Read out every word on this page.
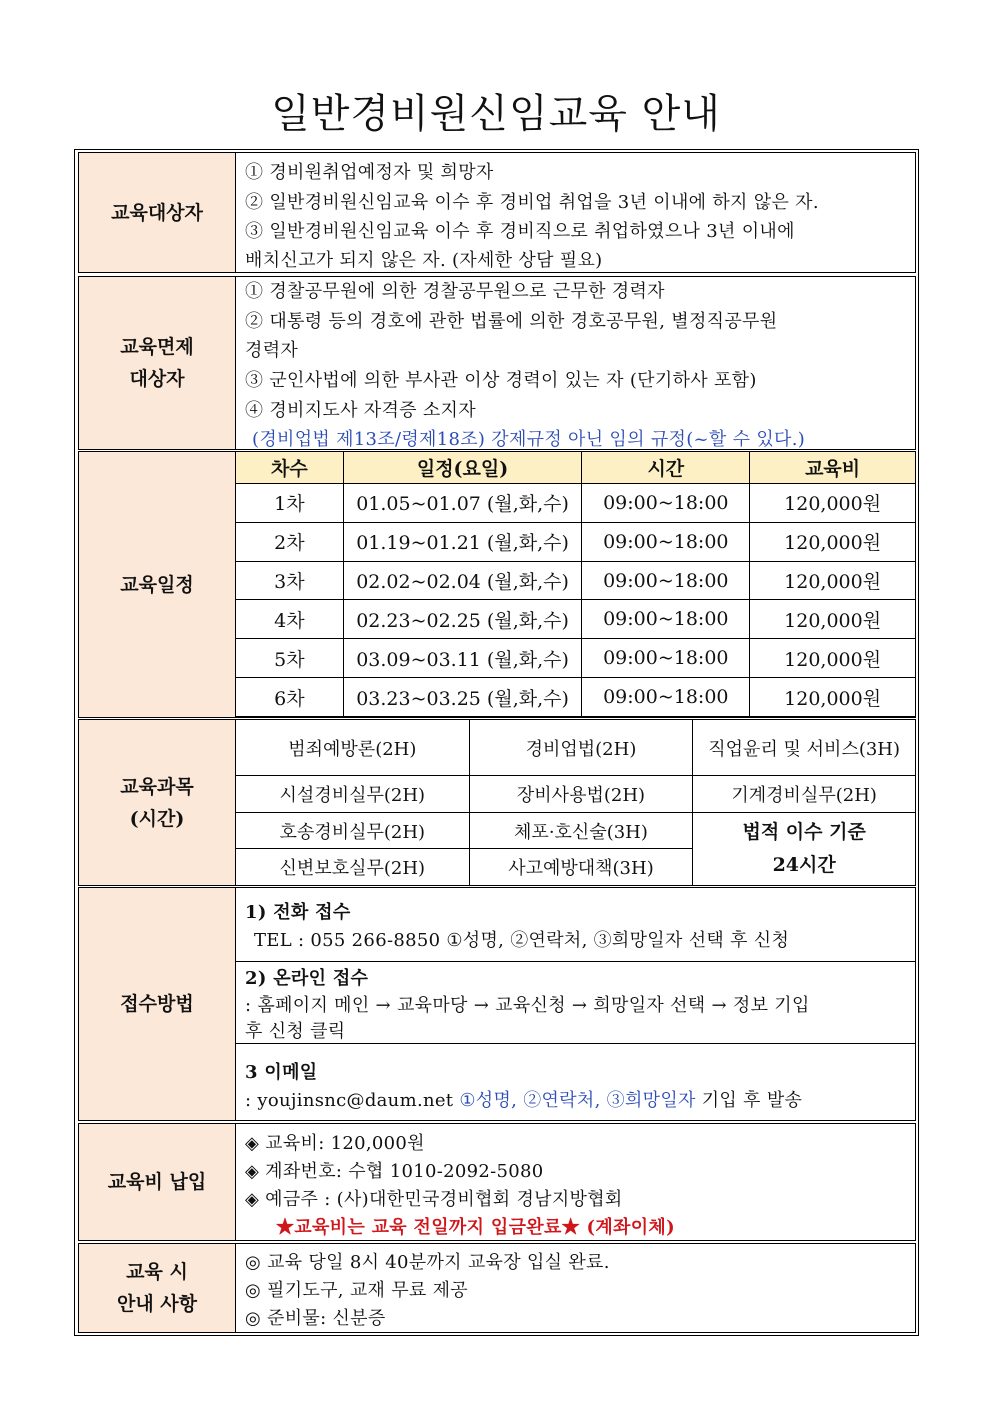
일반경비원신임교육 안내
교육대상자
① 경비원취업예정자 및 희망자
② 일반경비원신임교육 이수 후 경비업 취업을 3년 이내에 하지 않은 자.
③ 일반경비원신임교육 이수 후 경비직으로 취업하였으나 3년 이내에
배치신고가 되지 않은 자. (자세한 상담 필요)
교육면제
대상자
① 경찰공무원에 의한 경찰공무원으로 근무한 경력자
② 대통령 등의 경호에 관한 법률에 의한 경호공무원, 별정직공무원
경력자
③ 군인사법에 의한 부사관 이상 경력이 있는 자 (단기하사 포함)
④ 경비지도사 자격증 소지자
(경비업법 제13조/령제18조) 강제규정 아닌 임의 규정(~할 수 있다.)
교육일정
차수	일정(요일)	시간	교육비
1차	01.05~01.07 (월,화,수)	09:00~18:00	120,000원
2차	01.19~01.21 (월,화,수)	09:00~18:00	120,000원
3차	02.02~02.04 (월,화,수)	09:00~18:00	120,000원
4차	02.23~02.25 (월,화,수)	09:00~18:00	120,000원
5차	03.09~03.11 (월,화,수)	09:00~18:00	120,000원
6차	03.23~03.25 (월,화,수)	09:00~18:00	120,000원
교육과목
(시간)
범죄예방론(2H)	경비업법(2H)	직업윤리 및 서비스(3H)
시설경비실무(2H)	장비사용법(2H)	기계경비실무(2H)
호송경비실무(2H)	체포·호신술(3H)	법적 이수 기준
24시간

신변보호실무(2H)	사고예방대책(3H)	
접수방법
1) 전화 접수
TEL : 055 266-8850 ①성명, ②연락처, ③희망일자 선택 후 신청
2) 온라인 접수
: 홈페이지 메인 → 교육마당 → 교육신청 → 희망일자 선택 → 정보 기입
후 신청 클릭
3 이메일
: youjinsnc@daum.net ①성명, ②연락처, ③희망일자 기입 후 발송
교육비 납입
◈ 교육비: 120,000원
◈ 계좌번호: 수협 1010-2092-5080
◈ 예금주 : (사)대한민국경비협회 경남지방협회
★교육비는 교육 전일까지 입금완료★ (계좌이체)
교육 시
안내 사항
◎ 교육 당일 8시 40분까지 교육장 입실 완료.
◎ 필기도구, 교재 무료 제공
◎ 준비물: 신분증
